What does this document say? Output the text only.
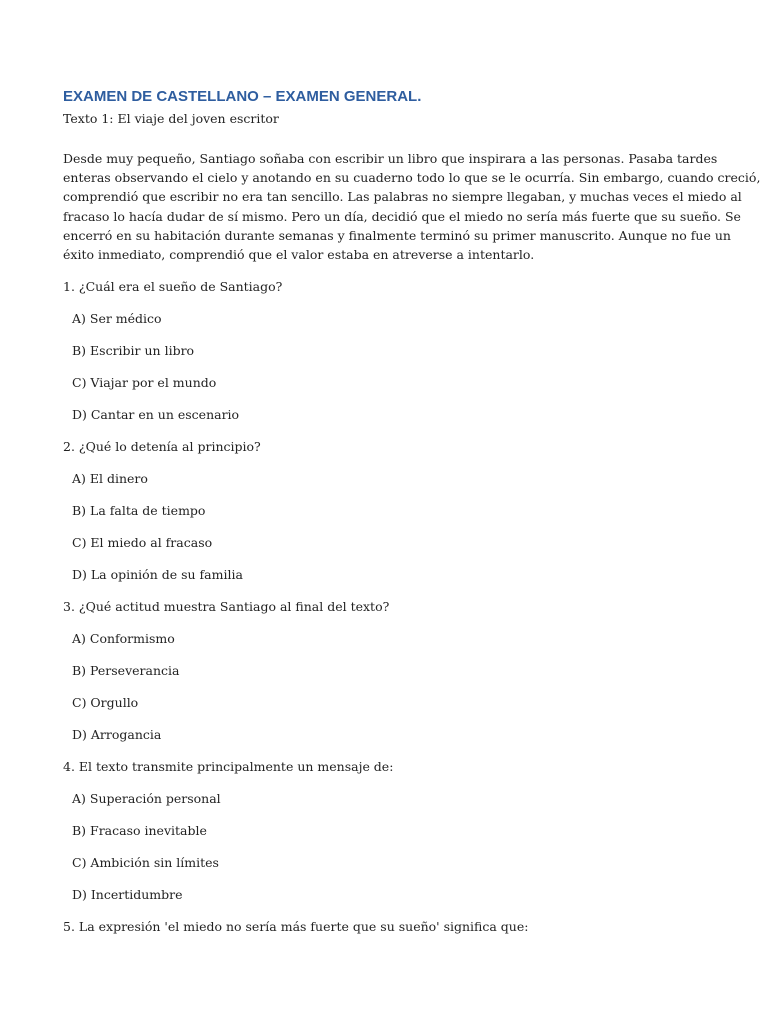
EXAMEN DE CASTELLANO – EXAMEN GENERAL.

Texto 1: El viaje del joven escritor

Desde muy pequeño, Santiago soñaba con escribir un libro que inspirara a las personas. Pasaba tardes
enteras observando el cielo y anotando en su cuaderno todo lo que se le ocurría. Sin embargo, cuando creció,
comprendió que escribir no era tan sencillo. Las palabras no siempre llegaban, y muchas veces el miedo al
fracaso lo hacía dudar de sí mismo. Pero un día, decidió que el miedo no sería más fuerte que su sueño. Se
encerró en su habitación durante semanas y finalmente terminó su primer manuscrito. Aunque no fue un
éxito inmediato, comprendió que el valor estaba en atreverse a intentarlo.

1. ¿Cuál era el sueño de Santiago?

A) Ser médico

B) Escribir un libro

C) Viajar por el mundo

D) Cantar en un escenario

2. ¿Qué lo detenía al principio?

A) El dinero

B) La falta de tiempo

C) El miedo al fracaso

D) La opinión de su familia

3. ¿Qué actitud muestra Santiago al final del texto?

A) Conformismo

B) Perseverancia

C) Orgullo

D) Arrogancia

4. El texto transmite principalmente un mensaje de:

A) Superación personal

B) Fracaso inevitable

C) Ambición sin límites

D) Incertidumbre

5. La expresión 'el miedo no sería más fuerte que su sueño' significa que:
